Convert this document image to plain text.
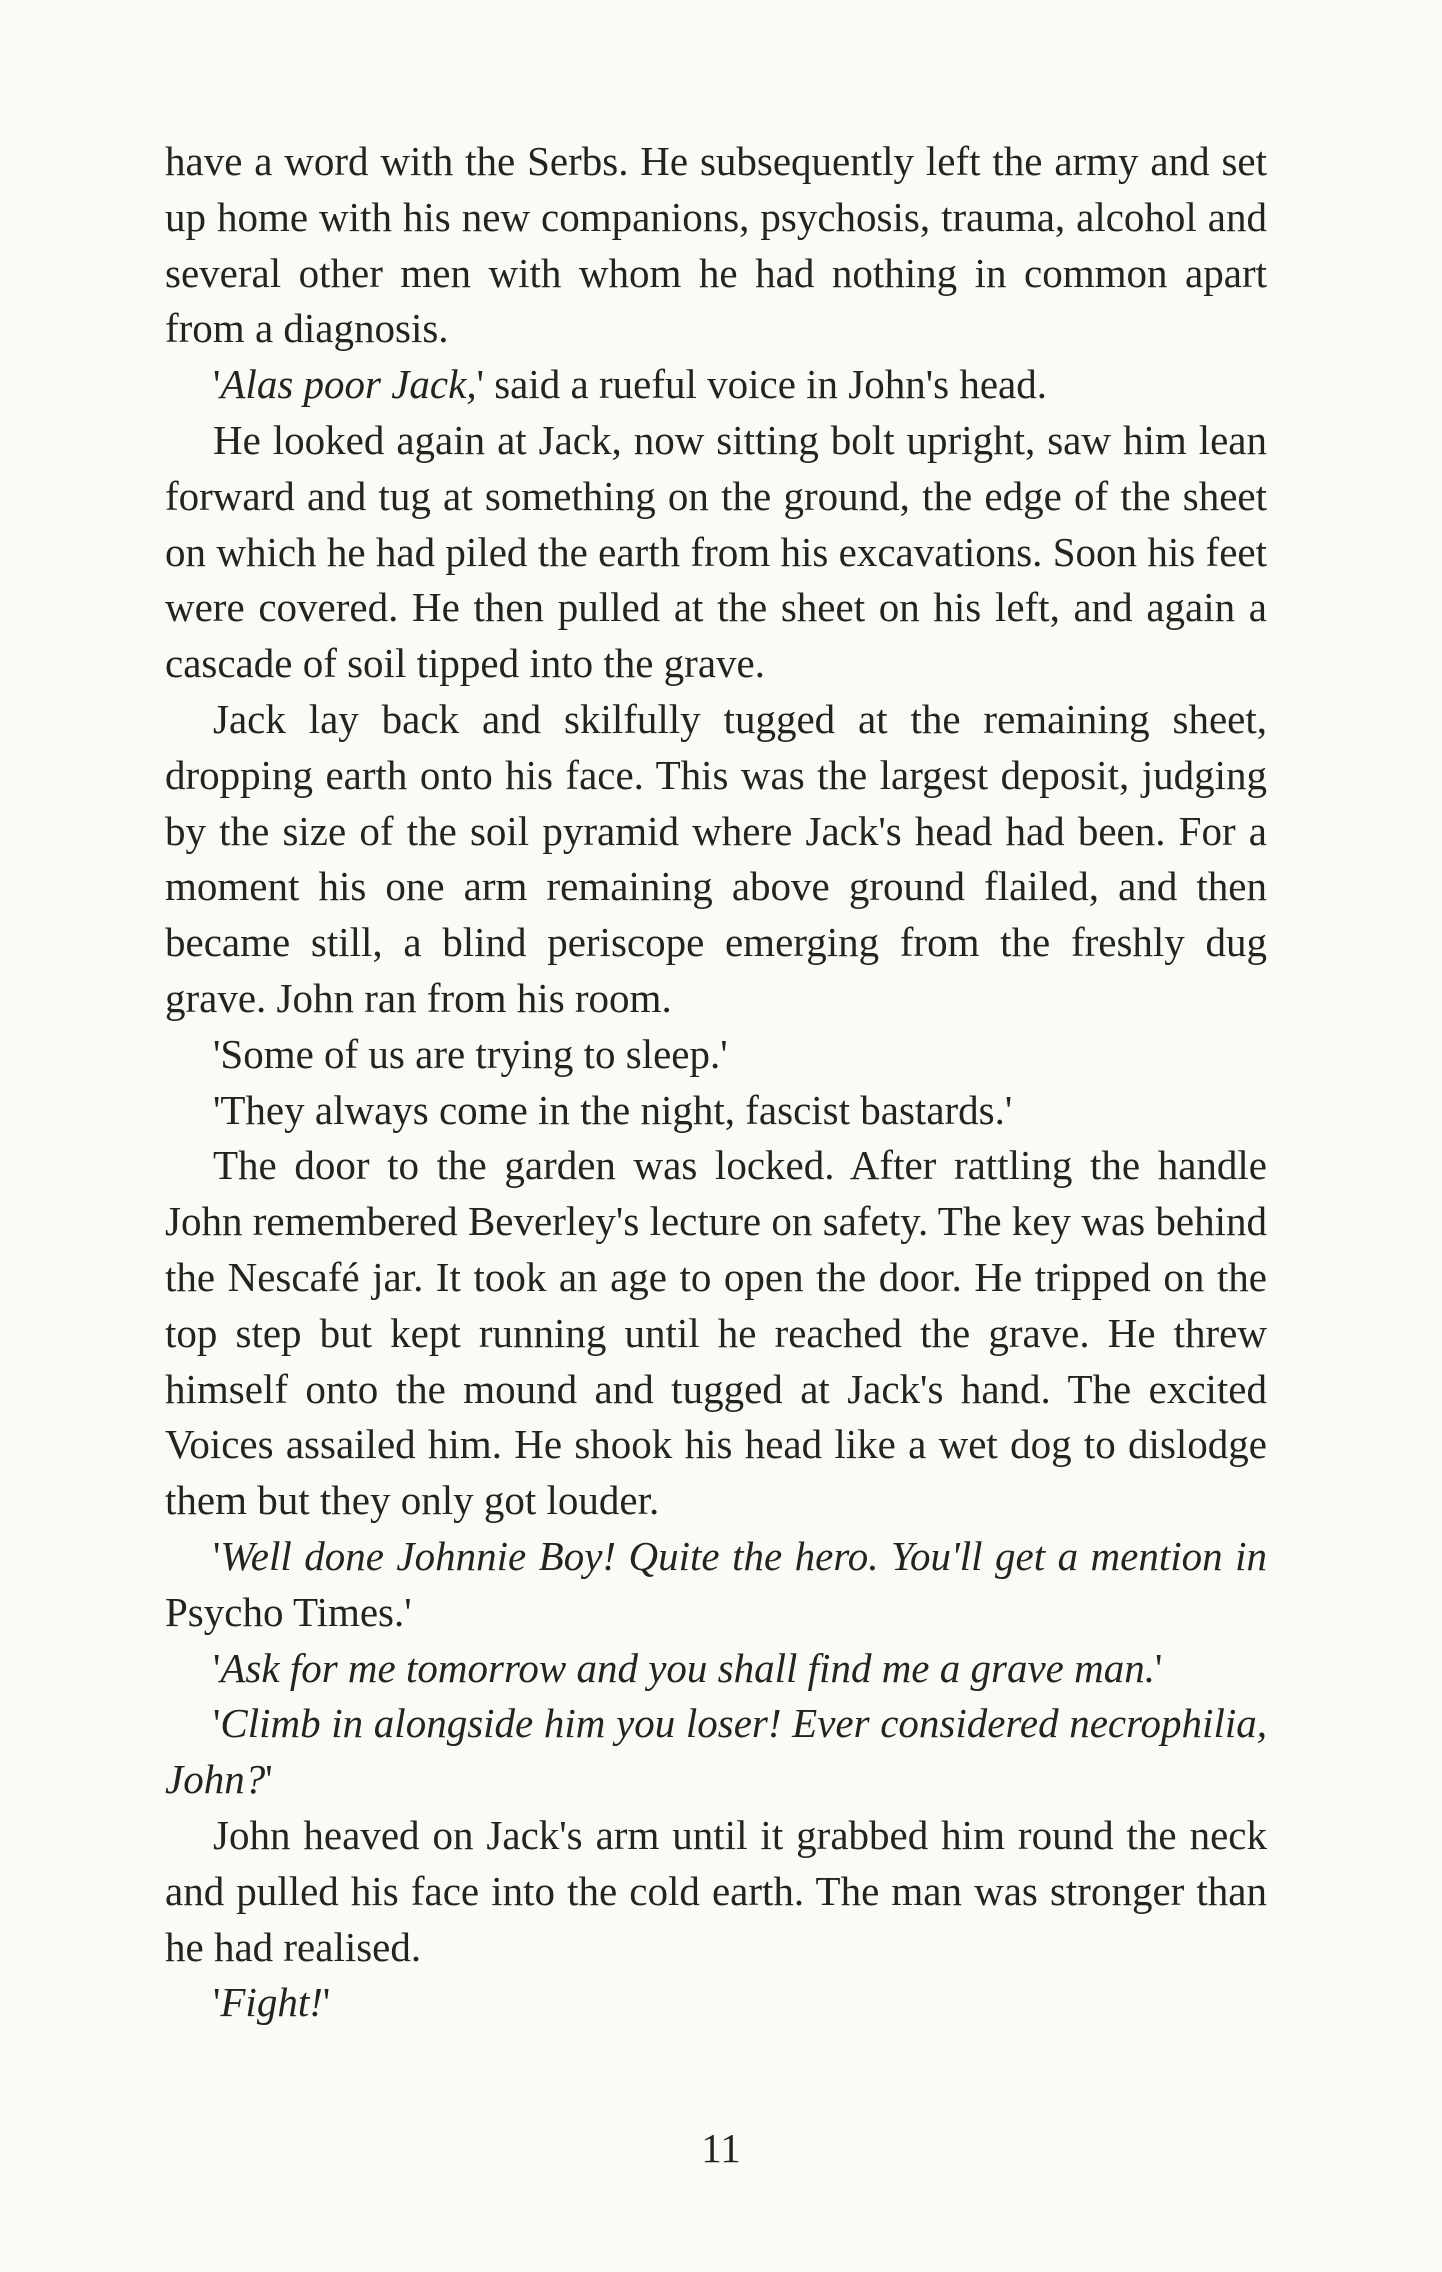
have a word with the Serbs. He subsequently left the army and set up home with his new companions, psychosis, trauma, alcohol and several other men with whom he had nothing in common apart from a diagnosis.

'Alas poor Jack,' said a rueful voice in John's head.

He looked again at Jack, now sitting bolt upright, saw him lean forward and tug at something on the ground, the edge of the sheet on which he had piled the earth from his excavations. Soon his feet were covered. He then pulled at the sheet on his left, and again a cascade of soil tipped into the grave.

Jack lay back and skilfully tugged at the remaining sheet, dropping earth onto his face. This was the largest deposit, judging by the size of the soil pyramid where Jack's head had been. For a moment his one arm remaining above ground flailed, and then became still, a blind periscope emerging from the freshly dug grave. John ran from his room.

'Some of us are trying to sleep.'

'They always come in the night, fascist bastards.'

The door to the garden was locked. After rattling the handle John remembered Beverley's lecture on safety. The key was behind the Nescafé jar. It took an age to open the door. He tripped on the top step but kept running until he reached the grave. He threw himself onto the mound and tugged at Jack's hand. The excited Voices assailed him. He shook his head like a wet dog to dislodge them but they only got louder.

'Well done Johnnie Boy! Quite the hero. You'll get a mention in Psycho Times.'

'Ask for me tomorrow and you shall find me a grave man.'

'Climb in alongside him you loser! Ever considered necrophilia, John?'

John heaved on Jack's arm until it grabbed him round the neck and pulled his face into the cold earth. The man was stronger than he had realised.

'Fight!'

11
